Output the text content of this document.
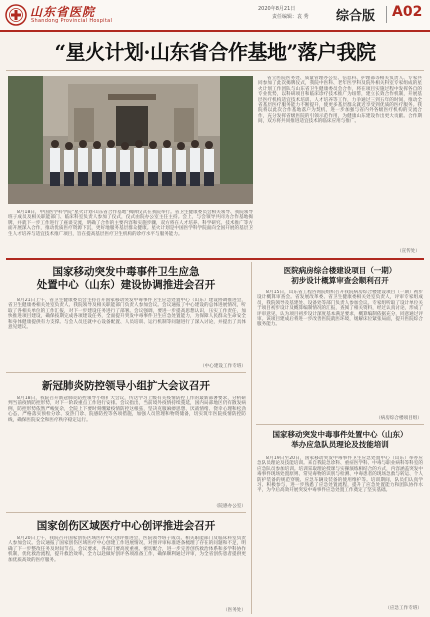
山东省医院
Shandong Provincial Hospital
2020年8月21日
责任编辑：袁 秀 综合版 A02
“星火计划·山东省合作基地”落户我院

省立医院医务处、质量管理办公室、信息科、护理部等相关负责人、专家共同参加了此次揭牌仪式，我院中医科、老年医学科及院外相关科室专家组成的星火计划工作团队与山东省卫生健康委员会合作，将在项目实施过程中发挥各自的专业优势，以科研项目和临床诊疗技术推广为纽带，建立长效合作机制，开展基层医疗机构适宜技术培训、人才培养等工作，力争通过三到五年的时间，推动全省基层医疗服务能力不断提升，使更多基层群众就近享受到优质的医疗服务。我院将以此次合作基地落户为契机，进一步加强与省内外各级医疗机构的交流合作，充分发挥省级医院的引领示范作用，为健康山东建设作出更大贡献。合作期间，双方将共同推进适宜技术的临床应用与推广。

8月18日，中国医学科学院“星火计划·山东省合作基地”揭牌仪式在我院举行。省卫生健康委员会相关领导、我院领导班子成员及相关职能部门、临床科室负责人参加了仪式，仪式由院办公室主任主持。会上，与会领导共同为合作基地揭牌，并就下一步工作进行了座谈交流，明确了合作的主要内容和实施步骤，双方将在人才培养、科学研究、技术推广等方面开展深入合作，推动优质医疗资源下沉，更好地服务基层群众健康。星火计划是中国医学科学院面向全国开展的基层卫生人才培养与适宜技术推广项目，旨在提高基层医疗卫生机构的诊疗水平与服务能力。

（宣传处）
国家移动突发中毒事件卫生应急
处置中心（山东）建设协调推进会召开

8月21日上午，省卫生健康委员会主持召开国家移动突发中毒事件卫生应急处置中心（山东）建设协调推进会，省卫生健康委相关处室负责人、我院领导及相关职能部门负责人参加会议。会议通报了中心建设的总体进展情况，听取了各相关单位的工作汇报，对下一步建设任务进行了部署。会议强调，要进一步提高思想认识，压实工作责任，加快推进项目建设，确保按期完成各项建设任务，全面提升突发中毒事件卫生应急处置能力，为保障人民群众生命安全和身体健康提供有力支撑。与会人员还就中心设备配置、人员培训、运行机制等问题进行了深入讨论，并提出了具体意见建议。

（中心建设工作专班）
新冠肺炎防控领导小组扩大会议召开

8月18日，我院召开新冠肺炎防控领导小组扩大会议，传达学习上级有关疫情防控工作的最新部署要求，分析研判当前疫情防控形势，对下一阶段重点工作进行安排。会议指出，当前境外疫情持续蔓延，国内局部地区仍有散发病例，防控形势依然严峻复杂，全院上下要时刻绷紧疫情防控这根弦，坚决克服麻痹思想、厌战情绪、侥幸心理和松劲心态，严格落实预检分诊、发热门诊、院感防控等各项措施，加强人员管理和物资储备，切实筑牢医院疫情防控防线，确保医院安全和医疗秩序稳定运行。

（院感办公室）
国家创伤区域医疗中心创评推进会召开

8月20日上午，我院召开国家创伤区域医疗中心创评推进会，医院领导班子成员、相关职能部门及临床科室负责人参加会议。会议通报了国家创伤区域医疗中心创建工作进展情况，对照评审标准逐条梳理了存在的问题和不足，明确了下一步整改任务及时间节点。会议要求，各部门要高度重视、密切配合，进一步完善创伤救治体系和多学科协作机制，优化救治流程，提升救治效率，全力以赴做好创评各项准备工作，确保顺利通过评审，为全省创伤患者提供更加优质高效的医疗服务。

（医务处）
医院病房综合楼建设项目（一期）
初步设计概算审查会顺利召开

8月15日，山东省工程咨询院组织召开我院病房综合楼建设项目（一期）初步设计概算审查会。省发展改革委、省卫生健康委相关处室负责人，评审专家组成员，我院领导及基建处、设备处等部门负责人参加会议。专家组听取了设计单位关于项目初步设计及概算编制情况的汇报，查阅了相关资料，经过认真讨论，形成了评审意见，认为项目初步设计深度基本满足要求，概算编制依据充分，同意通过评审。该项目建成后将进一步改善医院就医环境，缓解床位紧张局面，提升医院综合服务能力。

（病房综合楼项目组）
国家移动突发中毒事件处置中心（山东）
举办应急队员理论及技能培训

8月19日至20日，国家移动突发中毒事件卫生应急处置中心（山东）举办应急队员理论及技能培训。来自我院急诊科、重症医学科、中毒与职业病科等科室的应急队员参加培训。培训采取理论授课与实操演练相结合的方式，内容涵盖突发中毒事件现场处置原则、常见毒物的识别与检测、中毒患者的现场急救与转运、个人防护装备的规范穿脱、应急车辆及装备的使用维护等。培训期间，队员们认真学习、积极参与，进一步熟悉了应急处置流程，提升了应急处置能力和团队协作水平，为今后高效开展突发中毒事件应急处置工作奠定了坚实基础。

（应急工作专班）
